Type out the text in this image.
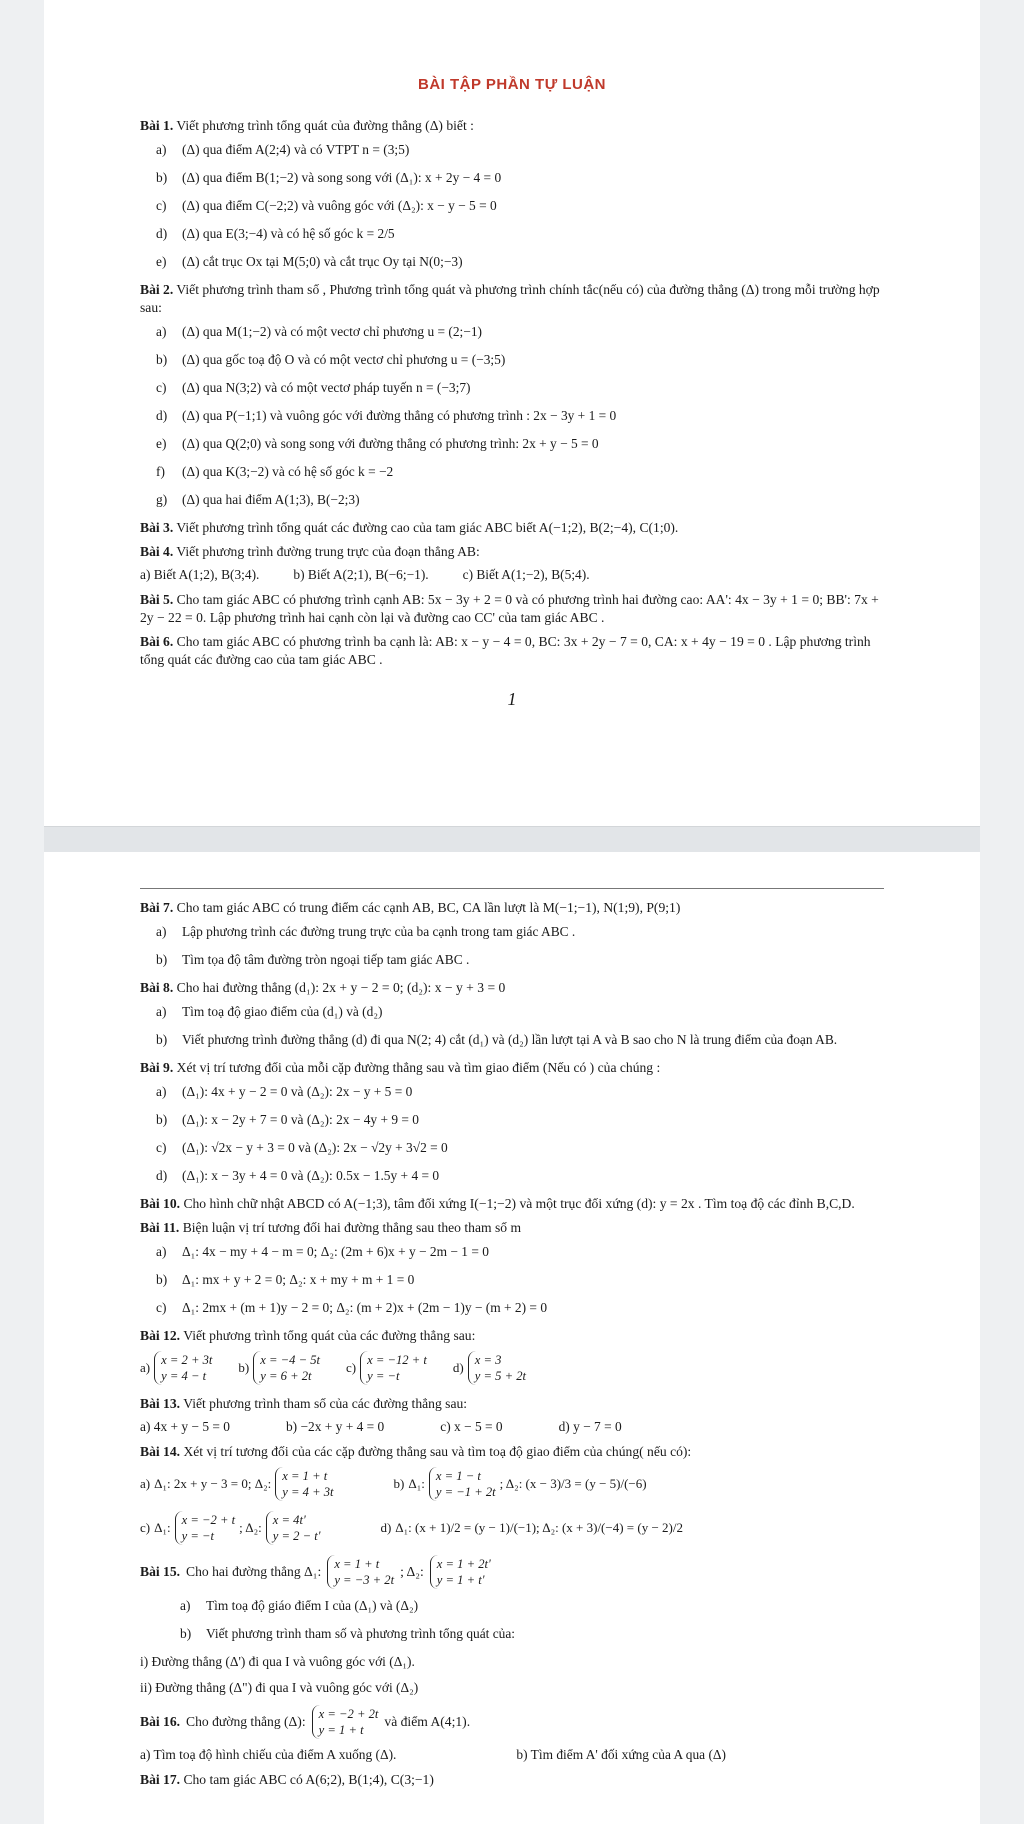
BÀI TẬP PHẦN TỰ LUẬN

Bài 1. Viết phương trình tổng quát của đường thẳng (Δ) biết :

a)	(Δ) qua điểm A(2;4) và có VTPT n = (3;5)
b)	(Δ) qua điểm B(1;−2) và song song với (Δ₁): x + 2y − 4 = 0
c)	(Δ) qua điểm C(−2;2) và vuông góc với (Δ₂): x − y − 5 = 0
d)	(Δ) qua E(3;−4) và có hệ số góc k = 2/5
e)	(Δ) cắt trục Ox tại M(5;0) và cắt trục Oy tại N(0;−3)

Bài 2. Viết phương trình tham số , Phương trình tổng quát và phương trình chính tắc(nếu có) của đường thẳng (Δ) trong mỗi trường hợp sau:

a)	(Δ) qua M(1;−2) và có một vectơ chỉ phương u = (2;−1)
b)	(Δ) qua gốc toạ độ O và có một vectơ chỉ phương u = (−3;5)
c)	(Δ) qua N(3;2) và có một vectơ pháp tuyến n = (−3;7)
d)	(Δ) qua P(−1;1) và vuông góc với đường thẳng có phương trình : 2x − 3y + 1 = 0
e)	(Δ) qua Q(2;0) và song song với đường thẳng có phương trình: 2x + y − 5 = 0
f)	(Δ) qua K(3;−2) và có hệ số góc k = −2
g)	(Δ) qua hai điểm A(1;3), B(−2;3)

Bài 3. Viết phương trình tổng quát các đường cao của tam giác ABC biết A(−1;2), B(2;−4), C(1;0).

Bài 4. Viết phương trình đường trung trực của đoạn thẳng AB:

a) Biết A(1;2), B(3;4).	b) Biết A(2;1), B(−6;−1).	c) Biết A(1;−2), B(5;4).

Bài 5. Cho tam giác ABC có phương trình cạnh AB: 5x − 3y + 2 = 0 và có phương trình hai đường cao: AA': 4x − 3y + 1 = 0; BB': 7x + 2y − 22 = 0. Lập phương trình hai cạnh còn lại và đường cao CC' của tam giác ABC .

Bài 6. Cho tam giác ABC có phương trình ba cạnh là: AB: x − y − 4 = 0, BC: 3x + 2y − 7 = 0, CA: x + 4y − 19 = 0 . Lập phương trình tổng quát các đường cao của tam giác ABC .

1

Bài 7. Cho tam giác ABC có trung điểm các cạnh AB, BC, CA lần lượt là M(−1;−1), N(1;9), P(9;1)

a)	Lập phương trình các đường trung trực của ba cạnh trong tam giác ABC .
b)	Tìm tọa độ tâm đường tròn ngoại tiếp tam giác ABC .

Bài 8. Cho hai đường thẳng (d₁): 2x + y − 2 = 0; (d₂): x − y + 3 = 0

a)	Tìm toạ độ giao điểm của (d₁) và (d₂)
b)	Viết phương trình đường thẳng (d) đi qua N(2; 4) cắt (d₁) và (d₂) lần lượt tại A và B sao cho N là trung điểm của đoạn AB.

Bài 9. Xét vị trí tương đối của mỗi cặp đường thẳng sau và tìm giao điểm (Nếu có ) của chúng :

a)	(Δ₁): 4x + y − 2 = 0 và (Δ₂): 2x − y + 5 = 0
b)	(Δ₁): x − 2y + 7 = 0 và (Δ₂): 2x − 4y + 9 = 0
c)	(Δ₁): √2x − y + 3 = 0 và (Δ₂): 2x − √2y + 3√2 = 0
d)	(Δ₁): x − 3y + 4 = 0 và (Δ₂): 0.5x − 1.5y + 4 = 0

Bài 10. Cho hình chữ nhật ABCD có A(−1;3), tâm đối xứng I(−1;−2) và một trục đối xứng (d): y = 2x . Tìm toạ độ các đỉnh B,C,D.

Bài 11. Biện luận vị trí tương đối hai đường thẳng sau theo tham số m

a)	Δ₁: 4x − my + 4 − m = 0; Δ₂: (2m + 6)x + y − 2m − 1 = 0
b)	Δ₁: mx + y + 2 = 0; Δ₂: x + my + m + 1 = 0
c)	Δ₁: 2mx + (m + 1)y − 2 = 0; Δ₂: (m + 2)x + (2m − 1)y − (m + 2) = 0

Bài 12. Viết phương trình tổng quát của các đường thẳng sau:

a) x = 2 + 3t
y = 4 − t
b) x = −4 − 5t
y = 6 + 2t
c) x = −12 + t
y = −t
d) x = 3
y = 5 + 2t

Bài 13. Viết phương trình tham số của các đường thẳng sau:

a) 4x + y − 5 = 0	b) −2x + y + 4 = 0	c) x − 5 = 0	d) y − 7 = 0

Bài 14. Xét vị trí tương đối của các cặp đường thẳng sau và tìm toạ độ giao điểm của chúng( nếu có):

a) Δ₁: 2x + y − 3 = 0; Δ₂: x = 1 + t
y = 4 + 3t
b) Δ₁: x = 1 − t
y = −1 + 2t
; Δ₂: (x − 3)/3 = (y − 5)/(−6)
c) Δ₁: x = −2 + t
y = −t
; Δ₂: x = 4t'
y = 2 − t'
d) Δ₁: (x + 1)/2 = (y − 1)/(−1); Δ₂: (x + 3)/(−4) = (y − 2)/2
Bài 15. Cho hai đường thẳng Δ₁: x = 1 + t
y = −3 + 2t
; Δ₂: x = 1 + 2t'
y = 1 + t'
a)	Tìm toạ độ giáo điểm I của (Δ₁) và (Δ₂)
b)	Viết phương trình tham số và phương trình tổng quát của:
i) Đường thẳng (Δ') đi qua I và vuông góc với (Δ₁).
ii) Đường thẳng (Δ") đi qua I và vuông góc với (Δ₂)
Bài 16. Cho đường thẳng (Δ): x = −2 + 2t
y = 1 + t
và điểm A(4;1).
a) Tìm toạ độ hình chiếu của điểm A xuống (Δ).	b) Tìm điểm A' đối xứng của A qua (Δ)

Bài 17. Cho tam giác ABC có A(6;2), B(1;4), C(3;−1)
